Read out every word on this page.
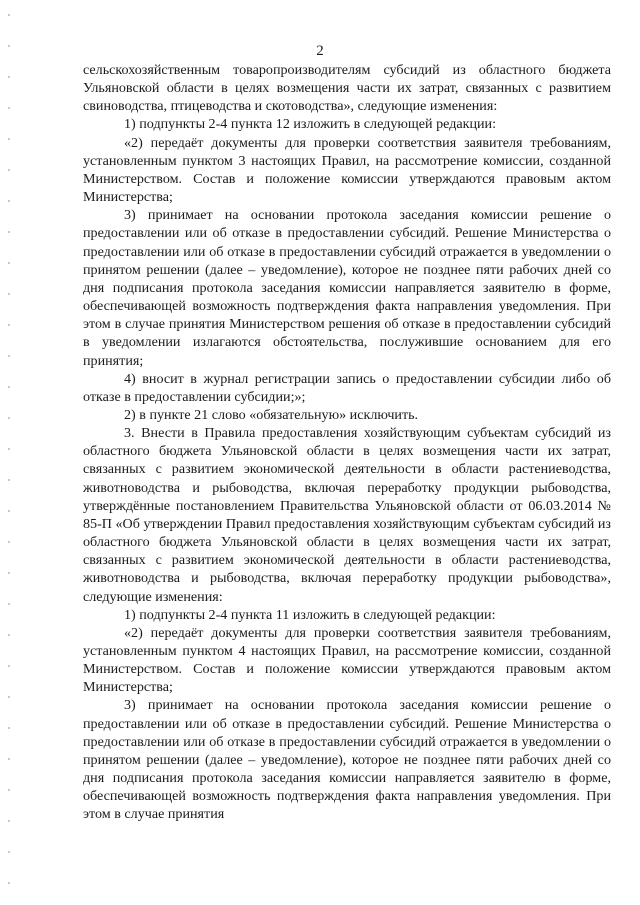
2

сельскохозяйственным товаропроизводителям субсидий из областного бюджета Ульяновской области в целях возмещения части их затрат, связанных с развитием свиноводства, птицеводства и скотоводства», следующие изменения:

1) подпункты 2-4 пункта 12 изложить в следующей редакции:

«2) передаёт документы для проверки соответствия заявителя требованиям, установленным пунктом 3 настоящих Правил, на рассмотрение комиссии, созданной Министерством. Состав и положение комиссии утверждаются правовым актом Министерства;

3) принимает на основании протокола заседания комиссии решение о предоставлении или об отказе в предоставлении субсидий. Решение Министерства о предоставлении или об отказе в предоставлении субсидий отражается в уведомлении о принятом решении (далее – уведомление), которое не позднее пяти рабочих дней со дня подписания протокола заседания комиссии направляется заявителю в форме, обеспечивающей возможность подтверждения факта направления уведомления. При этом в случае принятия Министерством решения об отказе в предоставлении субсидий в уведомлении излагаются обстоятельства, послужившие основанием для его принятия;

4) вносит в журнал регистрации запись о предоставлении субсидии либо об отказе в предоставлении субсидии;»;

2) в пункте 21 слово «обязательную» исключить.

3. Внести в Правила предоставления хозяйствующим субъектам субсидий из областного бюджета Ульяновской области в целях возмещения части их затрат, связанных с развитием экономической деятельности в области растениеводства, животноводства и рыбоводства, включая переработку продукции рыбоводства, утверждённые постановлением Правительства Ульяновской области от 06.03.2014 № 85-П «Об утверждении Правил предоставления хозяйствующим субъектам субсидий из областного бюджета Ульяновской области в целях возмещения части их затрат, связанных с развитием экономической деятельности в области растениеводства, животноводства и рыбоводства, включая переработку продукции рыбоводства», следующие изменения:

1) подпункты 2-4 пункта 11 изложить в следующей редакции:

«2) передаёт документы для проверки соответствия заявителя требованиям, установленным пунктом 4 настоящих Правил, на рассмотрение комиссии, созданной Министерством. Состав и положение комиссии утверждаются правовым актом Министерства;

3) принимает на основании протокола заседания комиссии решение о предоставлении или об отказе в предоставлении субсидий. Решение Министерства о предоставлении или об отказе в предоставлении субсидий отражается в уведомлении о принятом решении (далее – уведомление), которое не позднее пяти рабочих дней со дня подписания протокола заседания комиссии направляется заявителю в форме, обеспечивающей возможность подтверждения факта направления уведомления. При этом в случае принятия
